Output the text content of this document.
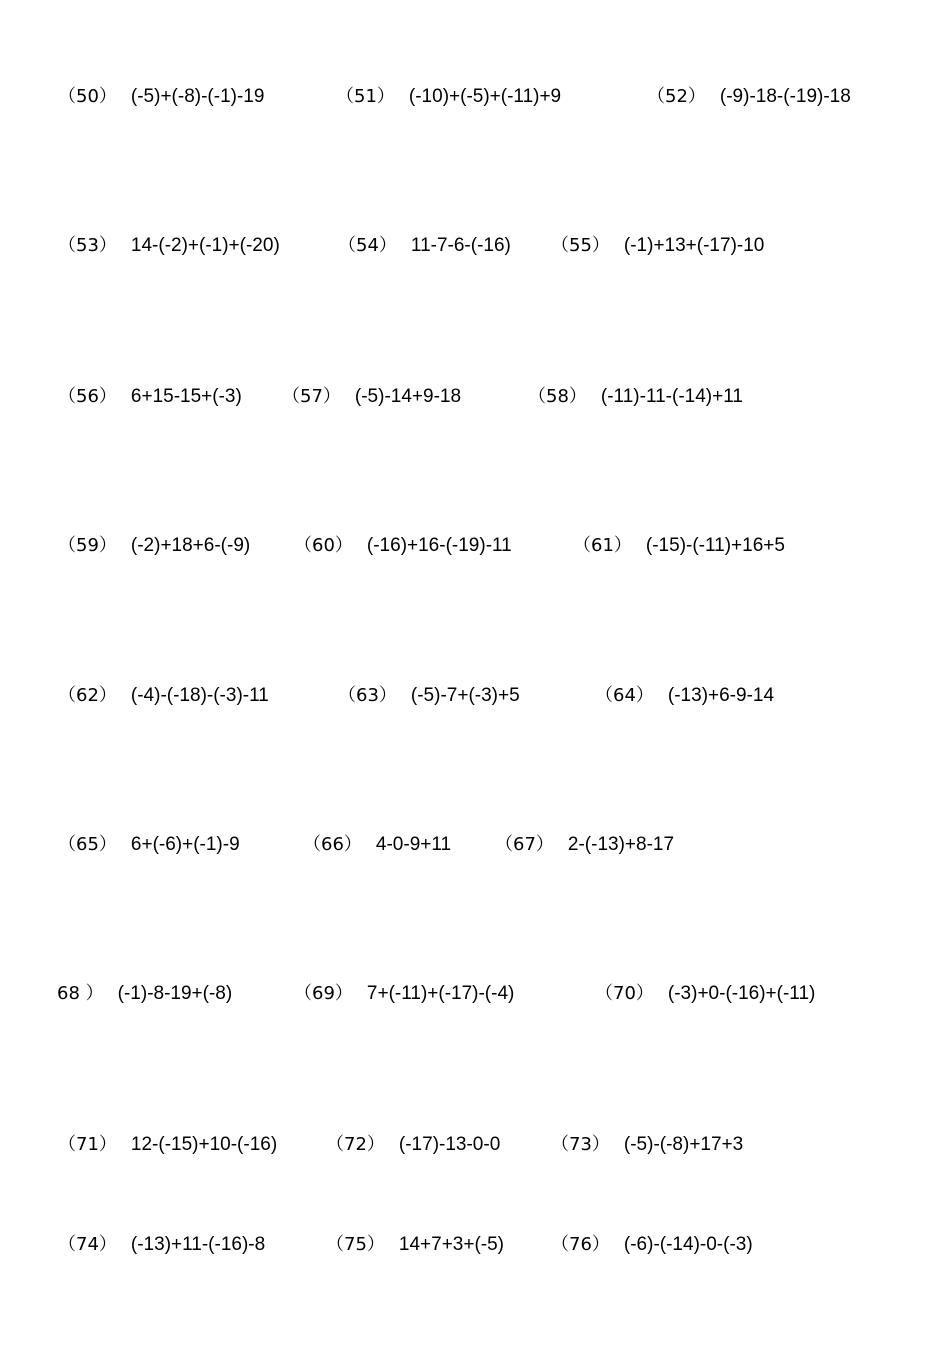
（50） (-5)+(-8)-(-1)-19	（51） (-10)+(-5)+(-11)+9	（52） (-9)-18-(-19)-18
（53） 14-(-2)+(-1)+(-20)	（54） 11-7-6-(-16) （55） (-1)+13+(-17)-10
（56） 6+15-15+(-3) （57） (-5)-14+9-18	（58） (-11)-11-(-14)+11
（59） (-2)+18+6-(-9) （60） (-16)+16-(-19)-11	（61） (-15)-(-11)+16+5
（62） (-4)-(-18)-(-3)-11	（63） (-5)-7+(-3)+5	（64） (-13)+6-9-14
（65） 6+(-6)+(-1)-9	（66） 4-0-9+11 （67） 2-(-13)+8-17
68 ） (-1)-8-19+(-8)	（69） 7+(-11)+(-17)-(-4)	（70） (-3)+0-(-16)+(-11)
（71） 12-(-15)+10-(-16)	（72） (-17)-13-0-0	（73） (-5)-(-8)+17+3
（74） (-13)+11-(-16)-8	（75） 14+7+3+(-5)	（76） (-6)-(-14)-0-(-3)
